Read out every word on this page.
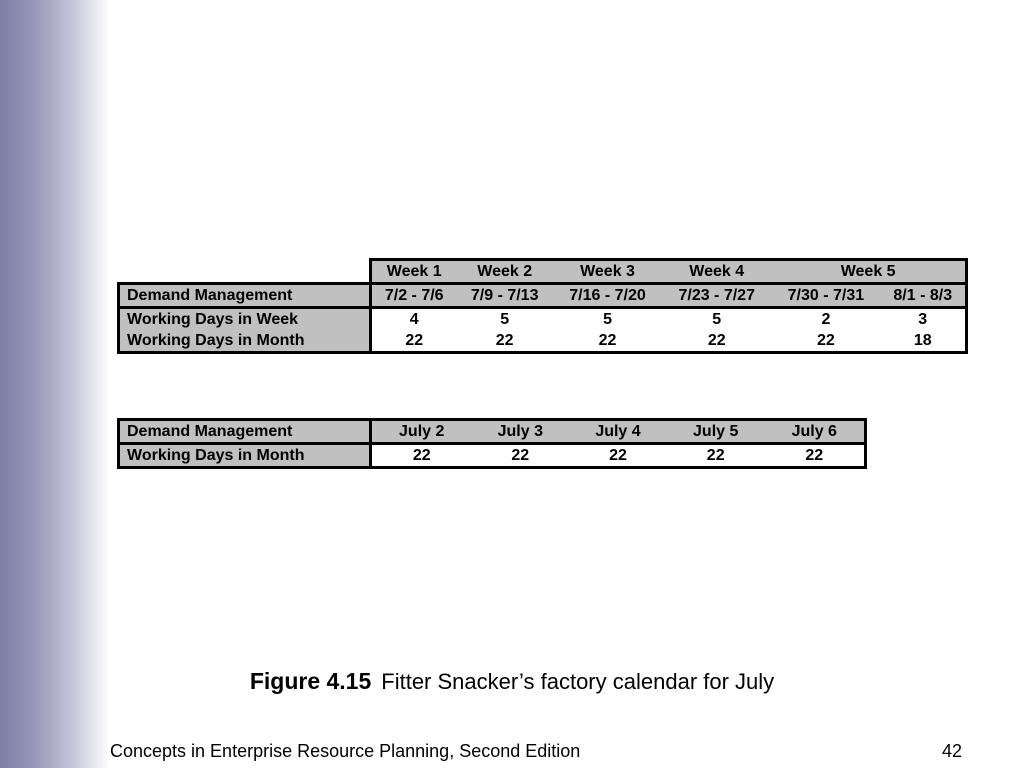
	Week 1	Week 2	Week 3	Week 4	Week 5	
Demand Management	7/2 - 7/6	7/9 - 7/13	7/16 - 7/20	7/23 - 7/27	7/30 - 7/31	8/1 - 8/3
Working Days in Week	4	5	5	5	2	3
Working Days in Month	22	22	22	22	22	18
Demand Management	July 2	July 3	July 4	July 5	July 6
Working Days in Month	22	22	22	22	22
Figure 4.15 Fitter Snacker’s factory calendar for July
Concepts in Enterprise Resource Planning, Second Edition	42
